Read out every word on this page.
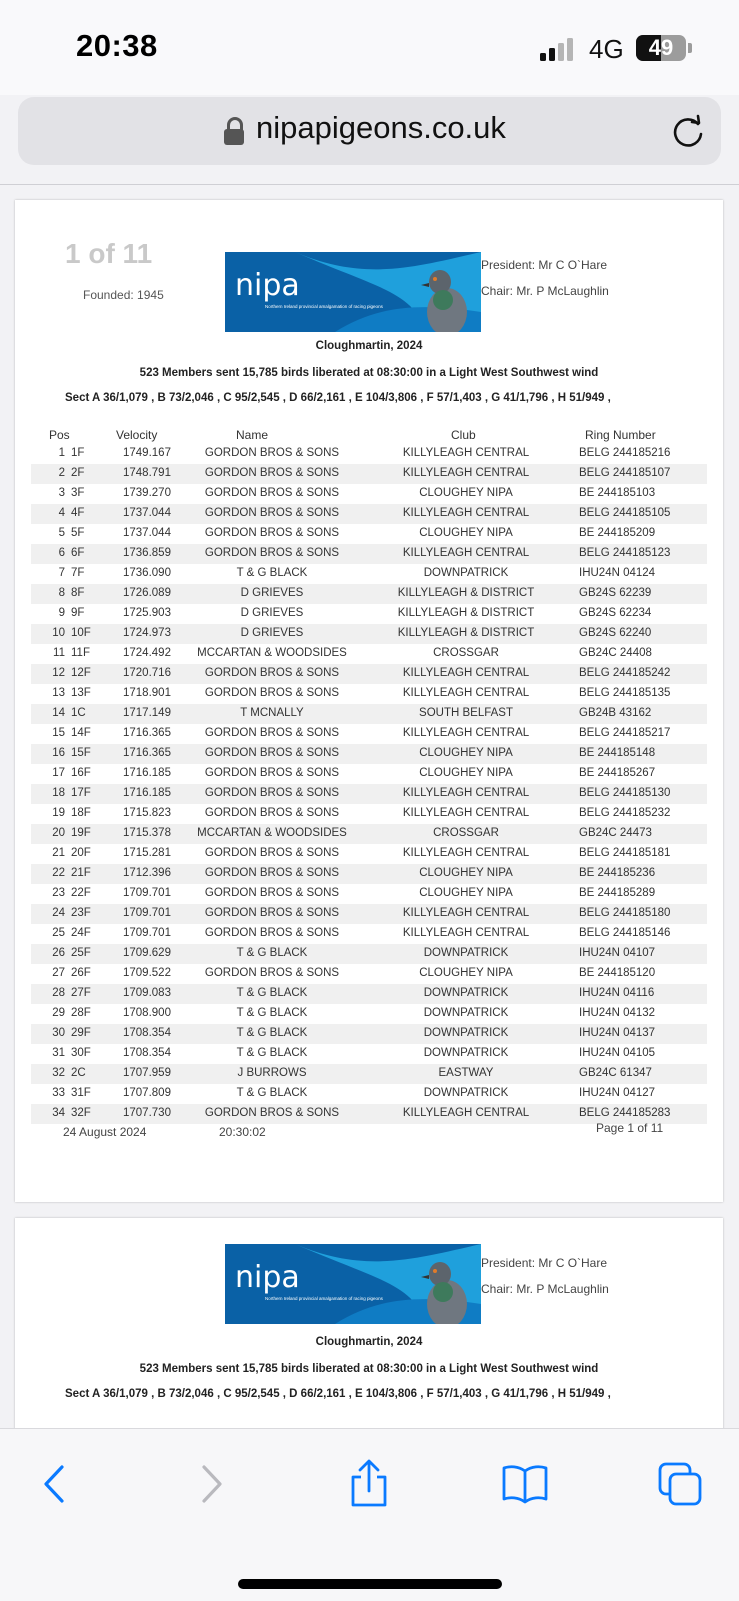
20:38	4G	49
nipapigeons.co.uk
1 of 11
Founded: 1945 nipa
Northern Ireland provincial amalgamation of racing pigeons
President: Mr C O`Hare
Chair: Mr. P McLaughlin
Cloughmartin, 2024
523 Members sent 15,785 birds liberated at 08:30:00 in a Light West Southwest wind
Sect A 36/1,079 , B 73/2,046 , C 95/2,545 , D 66/2,161 , E 104/3,806 , F 57/1,403 , G 41/1,796 , H 51/949 ,
Pos	Velocity	Name	Club	Ring Number
1 1F	1749.167	GORDON BROS & SONS	KILLYLEAGH CENTRAL	BELG 244185216
2 2F	1748.791	GORDON BROS & SONS	KILLYLEAGH CENTRAL	BELG 244185107
3 3F	1739.270	GORDON BROS & SONS	CLOUGHEY NIPA	BE 244185103
4 4F	1737.044	GORDON BROS & SONS	KILLYLEAGH CENTRAL	BELG 244185105
5 5F	1737.044	GORDON BROS & SONS	CLOUGHEY NIPA	BE 244185209
6 6F	1736.859	GORDON BROS & SONS	KILLYLEAGH CENTRAL	BELG 244185123
7 7F	1736.090	T & G BLACK	DOWNPATRICK	IHU24N 04124
8 8F	1726.089	D GRIEVES	KILLYLEAGH & DISTRICT	GB24S 62239
9 9F	1725.903	D GRIEVES	KILLYLEAGH & DISTRICT	GB24S 62234
10 10F	1724.973	D GRIEVES	KILLYLEAGH & DISTRICT	GB24S 62240
11 11F	1724.492	MCCARTAN & WOODSIDES	CROSSGAR	GB24C 24408
12 12F	1720.716	GORDON BROS & SONS	KILLYLEAGH CENTRAL	BELG 244185242
13 13F	1718.901	GORDON BROS & SONS	KILLYLEAGH CENTRAL	BELG 244185135
14 1C	1717.149	T MCNALLY	SOUTH BELFAST	GB24B 43162
15 14F	1716.365	GORDON BROS & SONS	KILLYLEAGH CENTRAL	BELG 244185217
16 15F	1716.365	GORDON BROS & SONS	CLOUGHEY NIPA	BE 244185148
17 16F	1716.185	GORDON BROS & SONS	CLOUGHEY NIPA	BE 244185267
18 17F	1716.185	GORDON BROS & SONS	KILLYLEAGH CENTRAL	BELG 244185130
19 18F	1715.823	GORDON BROS & SONS	KILLYLEAGH CENTRAL	BELG 244185232
20 19F	1715.378	MCCARTAN & WOODSIDES	CROSSGAR	GB24C 24473
21 20F	1715.281	GORDON BROS & SONS	KILLYLEAGH CENTRAL	BELG 244185181
22 21F	1712.396	GORDON BROS & SONS	CLOUGHEY NIPA	BE 244185236
23 22F	1709.701	GORDON BROS & SONS	CLOUGHEY NIPA	BE 244185289
24 23F	1709.701	GORDON BROS & SONS	KILLYLEAGH CENTRAL	BELG 244185180
25 24F	1709.701	GORDON BROS & SONS	KILLYLEAGH CENTRAL	BELG 244185146
26 25F	1709.629	T & G BLACK	DOWNPATRICK	IHU24N 04107
27 26F	1709.522	GORDON BROS & SONS	CLOUGHEY NIPA	BE 244185120
28 27F	1709.083	T & G BLACK	DOWNPATRICK	IHU24N 04116
29 28F	1708.900	T & G BLACK	DOWNPATRICK	IHU24N 04132
30 29F	1708.354	T & G BLACK	DOWNPATRICK	IHU24N 04137
31 30F	1708.354	T & G BLACK	DOWNPATRICK	IHU24N 04105
32 2C	1707.959	J BURROWS	EASTWAY	GB24C 61347
33 31F	1707.809	T & G BLACK	DOWNPATRICK	IHU24N 04127
34 32F	1707.730	GORDON BROS & SONS	KILLYLEAGH CENTRAL	BELG 244185283
24 August 2024	20:30:02	Page 1 of 11
nipa
Northern Ireland provincial amalgamation of racing pigeons
President: Mr C O`Hare
Chair: Mr. P McLaughlin
Cloughmartin, 2024
523 Members sent 15,785 birds liberated at 08:30:00 in a Light West Southwest wind
Sect A 36/1,079 , B 73/2,046 , C 95/2,545 , D 66/2,161 , E 104/3,806 , F 57/1,403 , G 41/1,796 , H 51/949 ,
